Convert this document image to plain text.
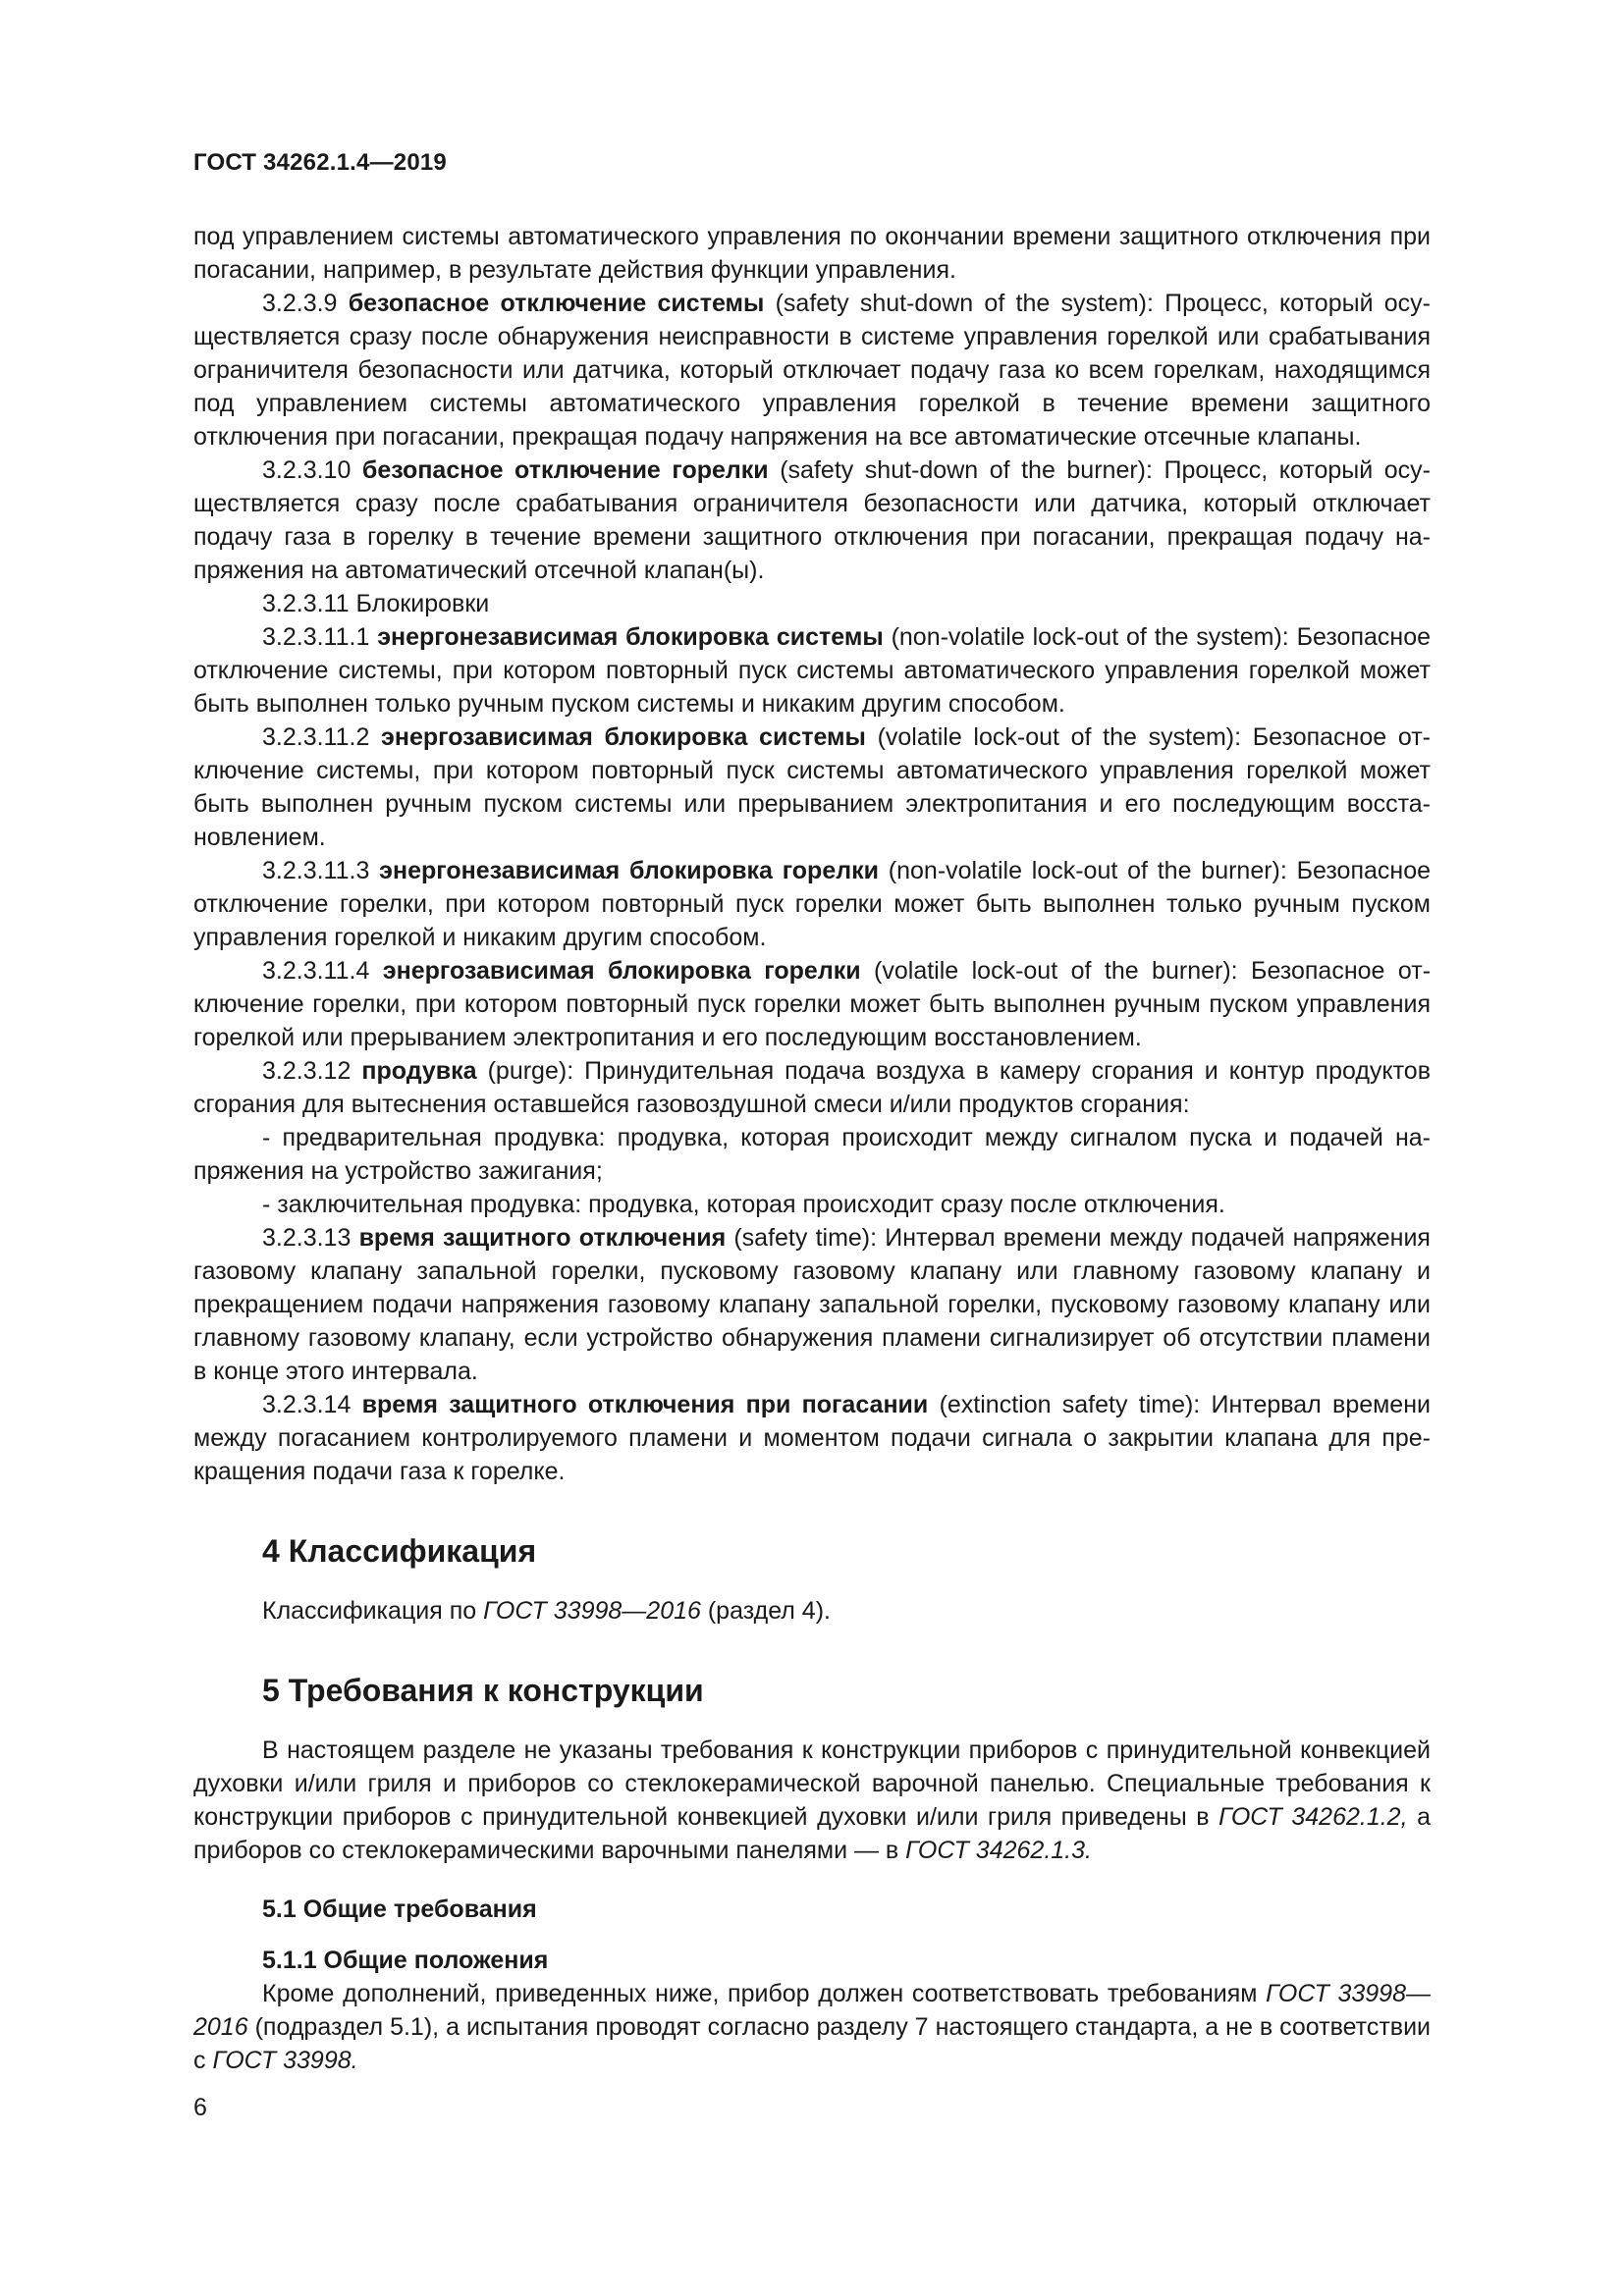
ГОСТ 34262.1.4—2019

под управлением системы автоматического управления по окончании времени защитного отключения при погасании, например, в результате действия функции управления.

3.2.3.9 безопасное отключение системы (safety shut-down of the system): Процесс, который осуществляется сразу после обнаружения неисправности в системе управления горелкой или срабатывания ограничителя безопасности или датчика, который отключает подачу газа ко всем горелкам, находящимся под управлением системы автоматического управления горелкой в течение времени защитного отключения при погасании, прекращая подачу напряжения на все автоматические отсечные клапаны.

3.2.3.10 безопасное отключение горелки (safety shut-down of the burner): Процесс, который осуществляется сразу после срабатывания ограничителя безопасности или датчика, который отключает подачу газа в горелку в течение времени защитного отключения при погасании, прекращая подачу напряжения на автоматический отсечной клапан(ы).

3.2.3.11 Блокировки

3.2.3.11.1 энергонезависимая блокировка системы (non-volatile lock-out of the system): Безопасное отключение системы, при котором повторный пуск системы автоматического управления горелкой может быть выполнен только ручным пуском системы и никаким другим способом.

3.2.3.11.2 энергозависимая блокировка системы (volatile lock-out of the system): Безопасное отключение системы, при котором повторный пуск системы автоматического управления горелкой может быть выполнен ручным пуском системы или прерыванием электропитания и его последующим восстановлением.

3.2.3.11.3 энергонезависимая блокировка горелки (non-volatile lock-out of the burner): Безопасное отключение горелки, при котором повторный пуск горелки может быть выполнен только ручным пуском управления горелкой и никаким другим способом.

3.2.3.11.4 энергозависимая блокировка горелки (volatile lock-out of the burner): Безопасное отключение горелки, при котором повторный пуск горелки может быть выполнен ручным пуском управления горелкой или прерыванием электропитания и его последующим восстановлением.

3.2.3.12 продувка (purge): Принудительная подача воздуха в камеру сгорания и контур продуктов сгорания для вытеснения оставшейся газовоздушной смеси и/или продуктов сгорания:

- предварительная продувка: продувка, которая происходит между сигналом пуска и подачей напряжения на устройство зажигания;

- заключительная продувка: продувка, которая происходит сразу после отключения.

3.2.3.13 время защитного отключения (safety time): Интервал времени между подачей напряжения газовому клапану запальной горелки, пусковому газовому клапану или главному газовому клапану и прекращением подачи напряжения газовому клапану запальной горелки, пусковому газовому клапану или главному газовому клапану, если устройство обнаружения пламени сигнализирует об отсутствии пламени в конце этого интервала.

3.2.3.14 время защитного отключения при погасании (extinction safety time): Интервал времени между погасанием контролируемого пламени и моментом подачи сигнала о закрытии клапана для прекращения подачи газа к горелке.

4 Классификация

Классификация по ГОСТ 33998—2016 (раздел 4).

5 Требования к конструкции

В настоящем разделе не указаны требования к конструкции приборов с принудительной конвекцией духовки и/или гриля и приборов со стеклокерамической варочной панелью. Специальные требования к конструкции приборов с принудительной конвекцией духовки и/или гриля приведены в ГОСТ 34262.1.2, а приборов со стеклокерамическими варочными панелями — в ГОСТ 34262.1.3.

5.1 Общие требования
5.1.1 Общие положения

Кроме дополнений, приведенных ниже, прибор должен соответствовать требованиям ГОСТ 33998—2016 (подраздел 5.1), а испытания проводят согласно разделу 7 настоящего стандарта, а не в соответствии с ГОСТ 33998.

6
